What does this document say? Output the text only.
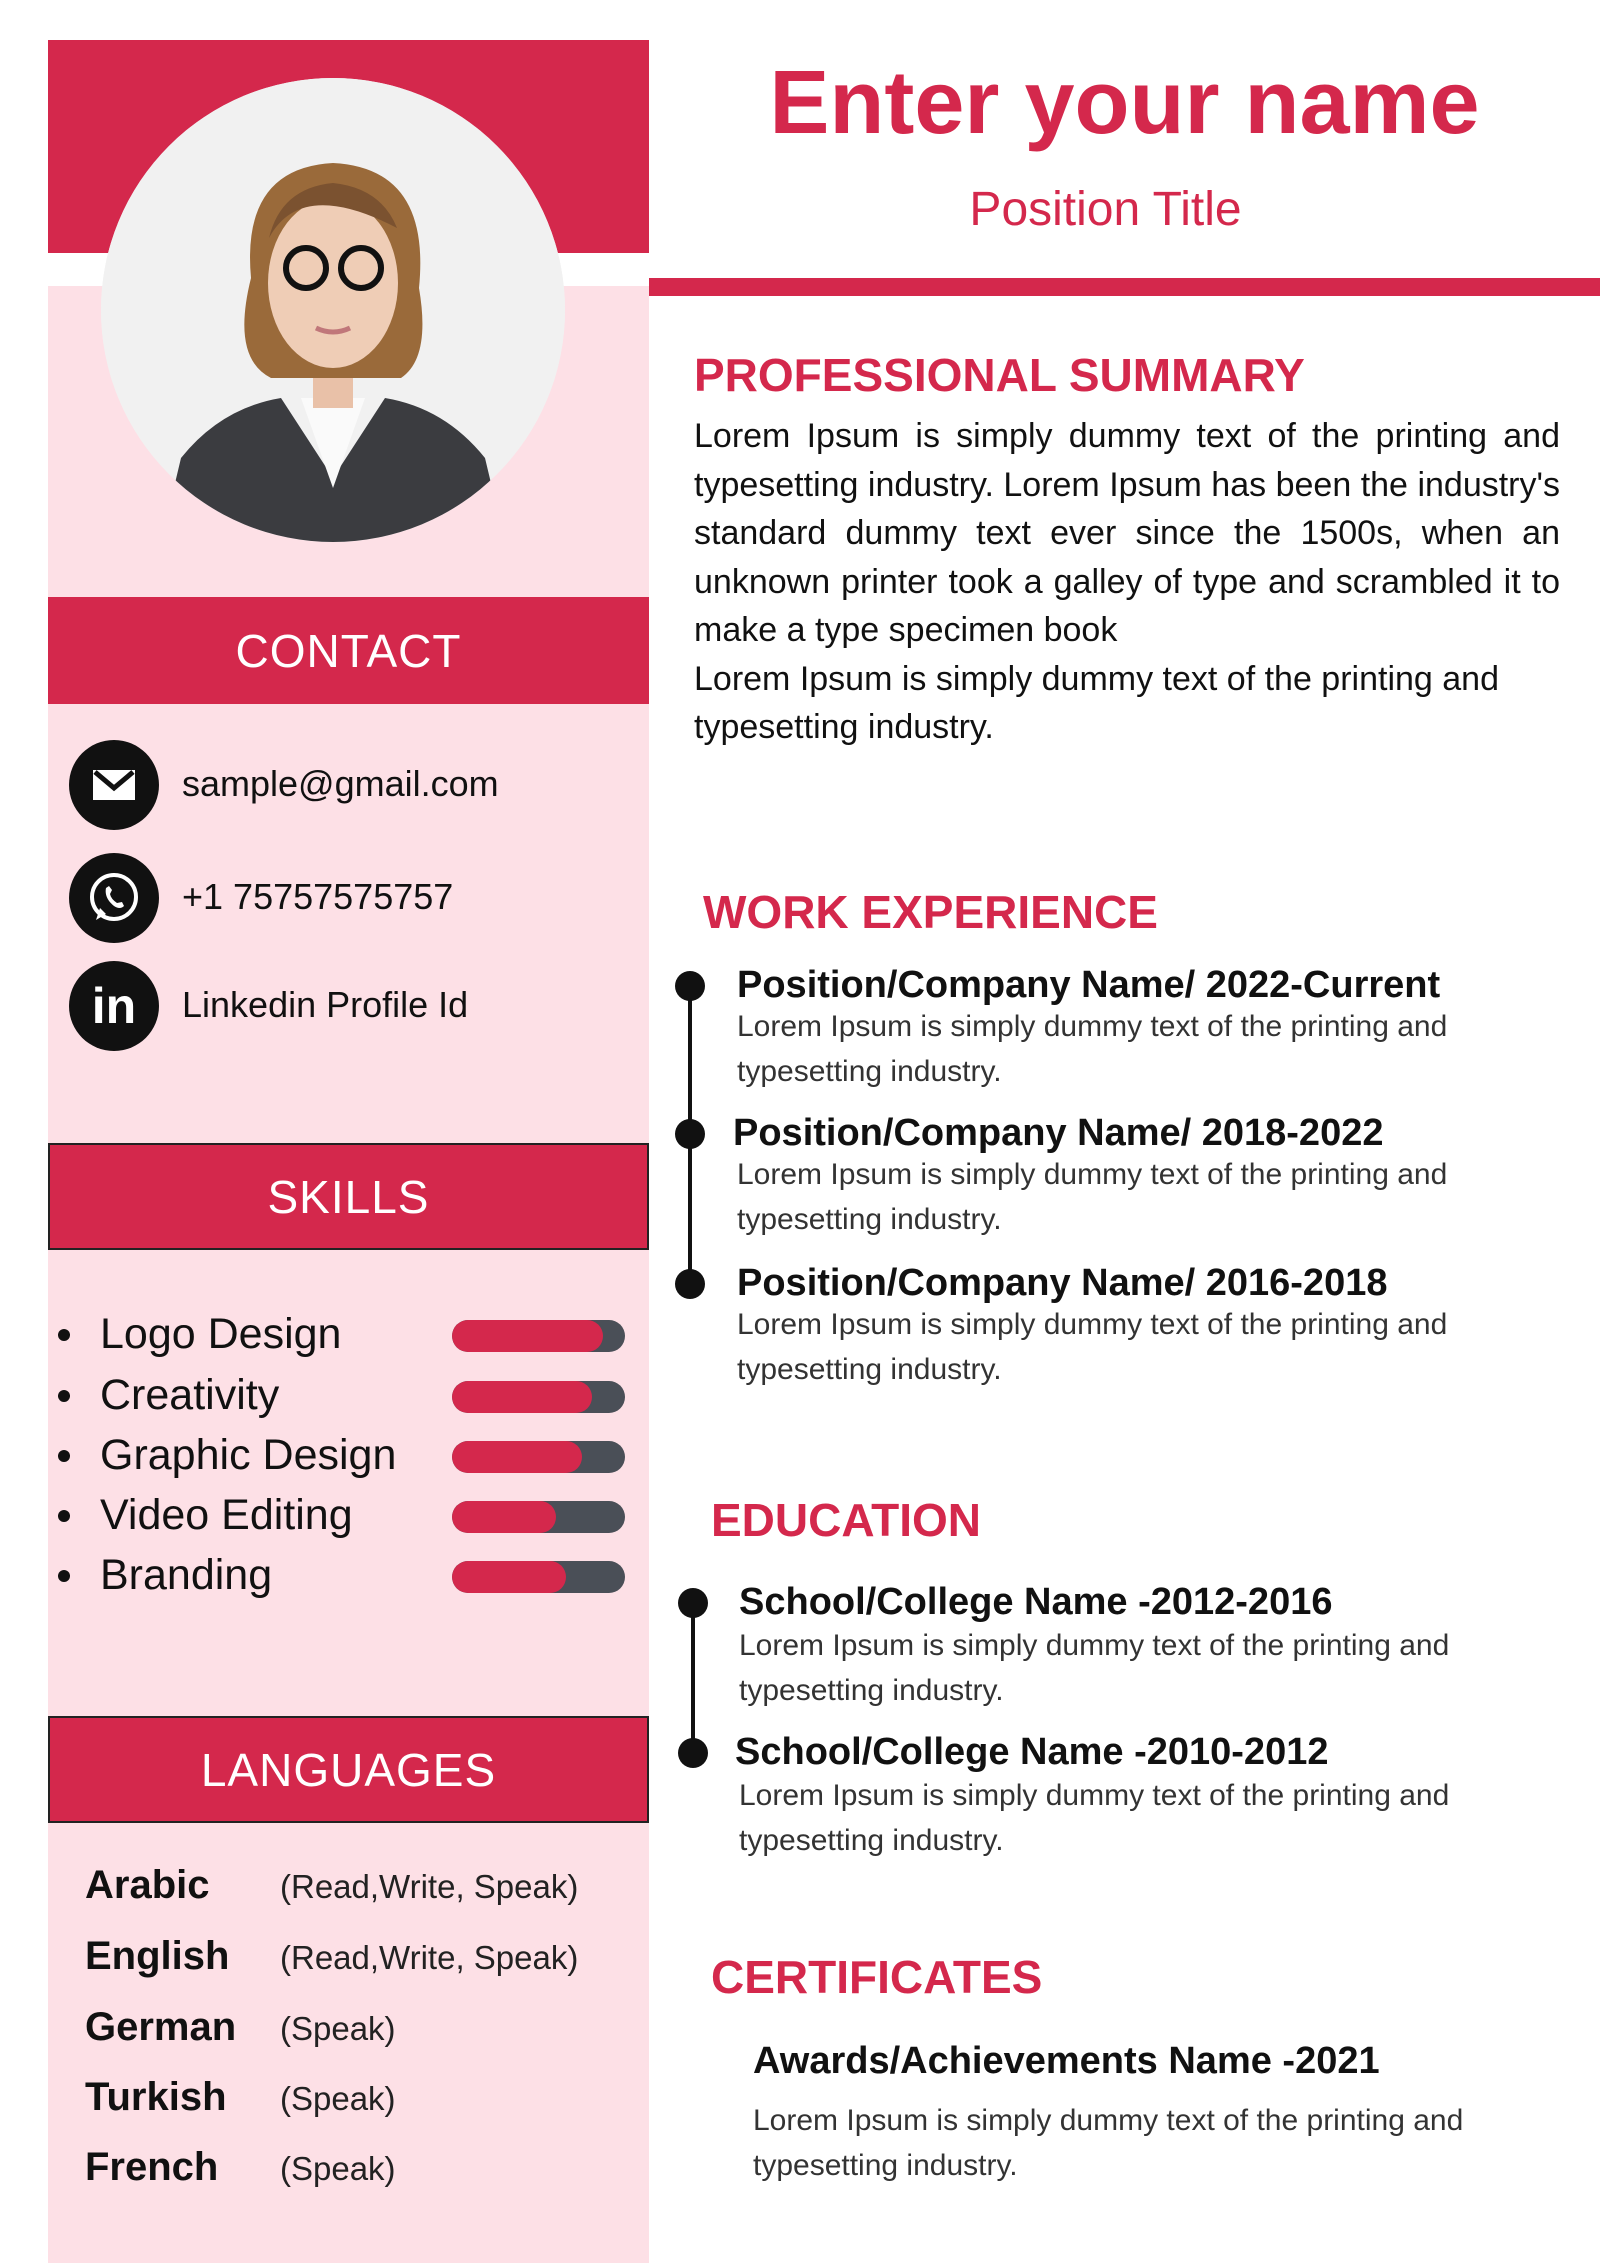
Enter your name
Position Title
CONTACT
sample@gmail.com
+1 75757575757
in	Linkedin Profile Id
SKILLS
Logo Design
Creativity
Graphic Design
Video Editing
Branding
LANGUAGES
Arabic (Read,Write, Speak)
English (Read,Write, Speak)
German (Speak)
Turkish (Speak)
French (Speak)
PROFESSIONAL SUMMARY
Lorem Ipsum is simply dummy text of the printing and typesetting industry. Lorem Ipsum has been the industry's standard dummy text ever since the 1500s, when an unknown printer took a galley of type and scrambled it to make a type specimen book
Lorem Ipsum is simply dummy text of the printing and typesetting industry.
WORK EXPERIENCE
Position/Company Name/ 2022-Current
Lorem Ipsum is simply dummy text of the printing and typesetting industry.
Position/Company Name/ 2018-2022
Lorem Ipsum is simply dummy text of the printing and typesetting industry.
Position/Company Name/ 2016-2018
Lorem Ipsum is simply dummy text of the printing and typesetting industry.
EDUCATION
School/College Name -2012-2016
Lorem Ipsum is simply dummy text of the printing and typesetting industry.
School/College Name -2010-2012
Lorem Ipsum is simply dummy text of the printing and typesetting industry.
CERTIFICATES
Awards/Achievements Name -2021
Lorem Ipsum is simply dummy text of the printing and typesetting industry.
